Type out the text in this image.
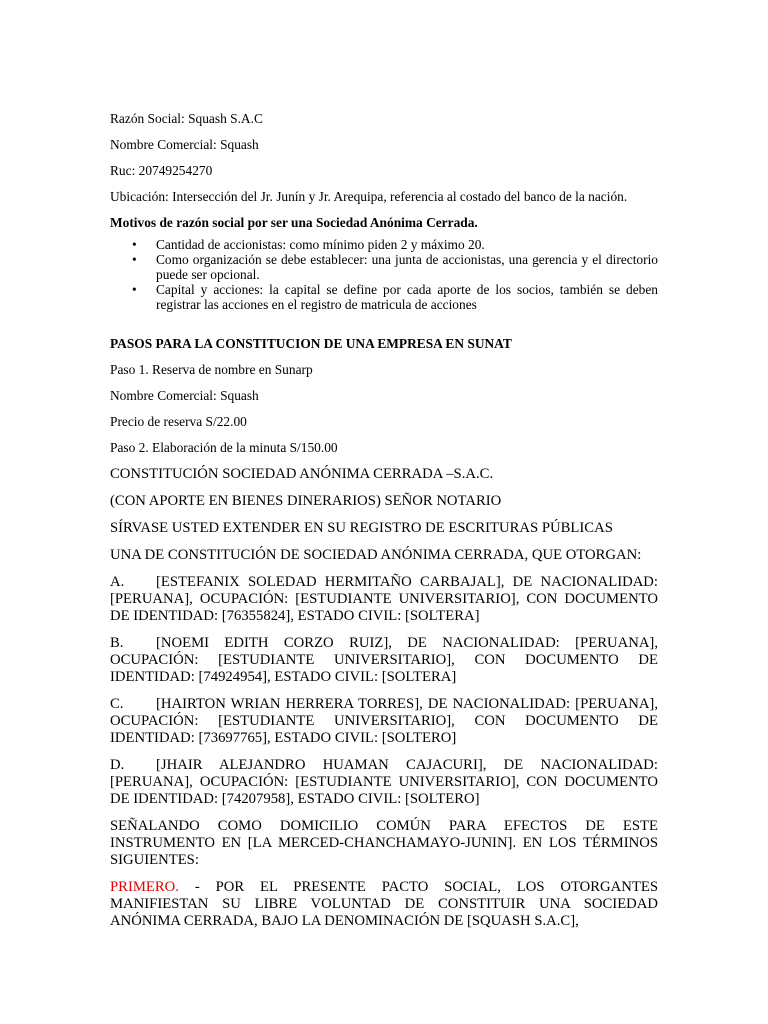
Razón Social: Squash S.A.C

Nombre Comercial: Squash

Ruc: 20749254270

Ubicación: Intersección del Jr. Junín y Jr. Arequipa, referencia al costado del banco de la nación.

Motivos de razón social por ser una Sociedad Anónima Cerrada.

• Cantidad de accionistas: como mínimo piden 2 y máximo 20.
• Como organización se debe establecer: una junta de accionistas, una gerencia y el directorio puede ser opcional.
• Capital y acciones: la capital se define por cada aporte de los socios, también se deben registrar las acciones en el registro de matricula de acciones

PASOS PARA LA CONSTITUCION DE UNA EMPRESA EN SUNAT

Paso 1. Reserva de nombre en Sunarp

Nombre Comercial: Squash

Precio de reserva S/22.00

Paso 2. Elaboración de la minuta S/150.00

CONSTITUCIÓN SOCIEDAD ANÓNIMA CERRADA –S.A.C.

(CON APORTE EN BIENES DINERARIOS) SEÑOR NOTARIO

SÍRVASE USTED EXTENDER EN SU REGISTRO DE ESCRITURAS PÚBLICAS

UNA DE CONSTITUCIÓN DE SOCIEDAD ANÓNIMA CERRADA, QUE OTORGAN:

A. [ESTEFANIX SOLEDAD HERMITAÑO CARBAJAL], DE NACIONALIDAD: [PERUANA], OCUPACIÓN: [ESTUDIANTE UNIVERSITARIO], CON DOCUMENTO DE IDENTIDAD: [76355824], ESTADO CIVIL: [SOLTERA]

B. [NOEMI EDITH CORZO RUIZ], DE NACIONALIDAD: [PERUANA], OCUPACIÓN: [ESTUDIANTE UNIVERSITARIO], CON DOCUMENTO DE IDENTIDAD: [74924954], ESTADO CIVIL: [SOLTERA]

C. [HAIRTON WRIAN HERRERA TORRES], DE NACIONALIDAD: [PERUANA], OCUPACIÓN: [ESTUDIANTE UNIVERSITARIO], CON DOCUMENTO DE IDENTIDAD: [73697765], ESTADO CIVIL: [SOLTERO]

D. [JHAIR ALEJANDRO HUAMAN CAJACURI], DE NACIONALIDAD: [PERUANA], OCUPACIÓN: [ESTUDIANTE UNIVERSITARIO], CON DOCUMENTO DE IDENTIDAD: [74207958], ESTADO CIVIL: [SOLTERO]

SEÑALANDO COMO DOMICILIO COMÚN PARA EFECTOS DE ESTE INSTRUMENTO EN [LA MERCED-CHANCHAMAYO-JUNIN]. EN LOS TÉRMINOS SIGUIENTES:

PRIMERO. - POR EL PRESENTE PACTO SOCIAL, LOS OTORGANTES MANIFIESTAN SU LIBRE VOLUNTAD DE CONSTITUIR UNA SOCIEDAD ANÓNIMA CERRADA, BAJO LA DENOMINACIÓN DE [SQUASH S.A.C],
